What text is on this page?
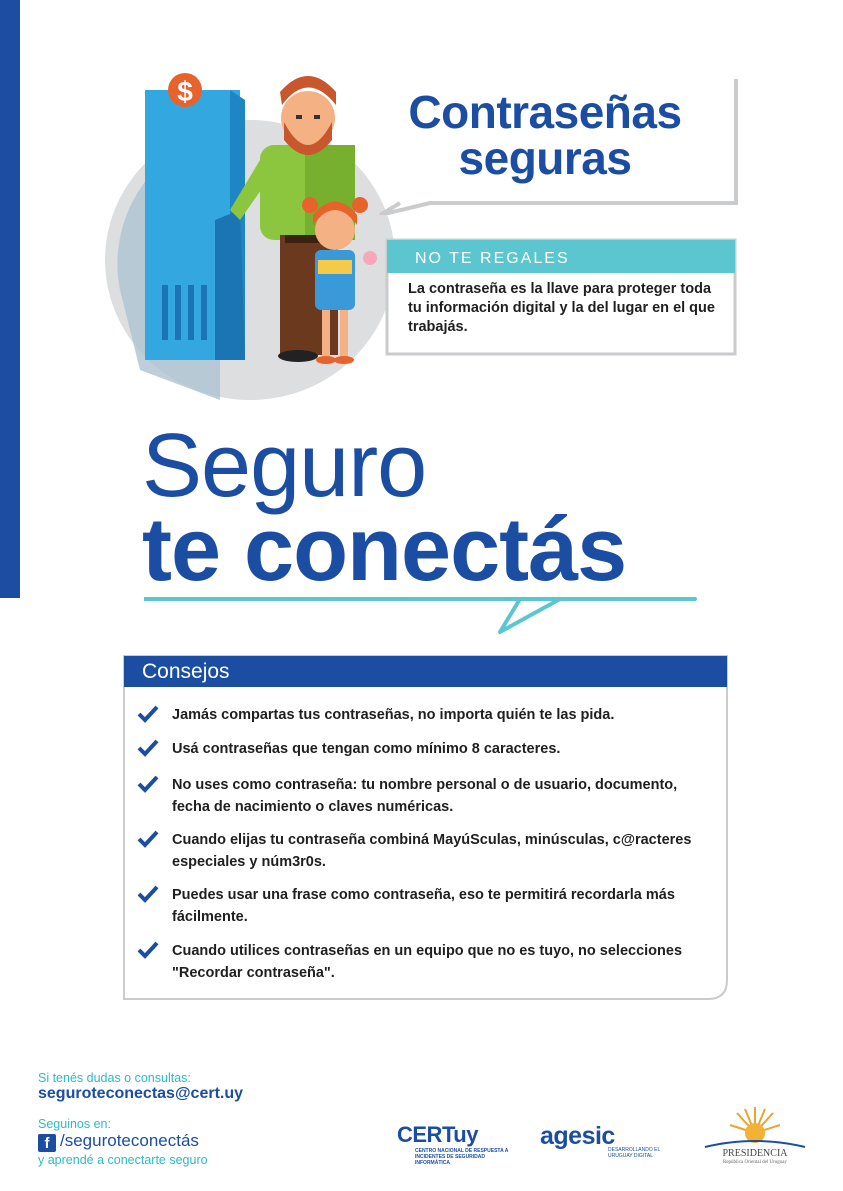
$	Contraseñas
seguras
NO TE REGALES
La contraseña es la llave para proteger toda tu información digital y la del lugar en el que trabajás.
Seguro
te conectás
Consejos
Jamás compartas tus contraseñas, no importa quién te las pida.
Usá contraseñas que tengan como mínimo 8 caracteres.
No uses como contraseña: tu nombre personal o de usuario, documento, fecha de nacimiento o claves numéricas.
Cuando elijas tu contraseña combiná MayúSculas, minúsculas, c@racteres especiales y núm3r0s.
Puedes usar una frase como contraseña, eso te permitirá recordarla más fácilmente.
Cuando utilices contraseñas en un equipo que no es tuyo, no selecciones "Recordar contraseña".
Si tenés dudas o consultas:
seguroteconectas@cert.uy
Seguinos en:
f /seguroteconectás
y aprendé a conectarte seguro
CERTuy
CENTRO NACIONAL DE RESPUESTA A INCIDENTES DE SEGURIDAD INFORMÁTICA
agesic
DESARROLLANDO EL URUGUAY DIGITAL	PRESIDENCIA
República Oriental del Uruguay
